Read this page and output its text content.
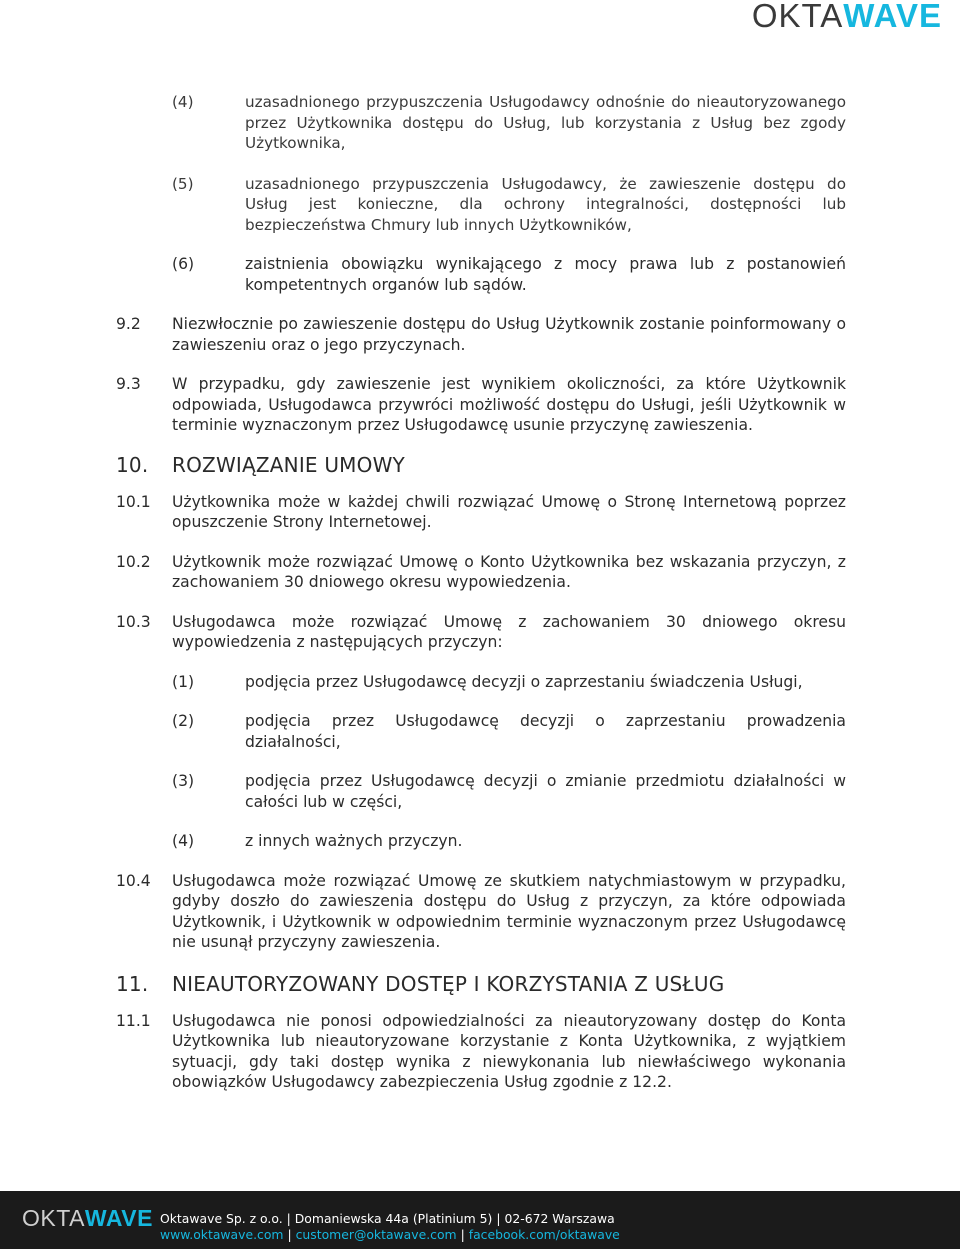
OKTAWAVE
(4)	uzasadnionego przypuszczenia Usługodawcy odnośnie do nieautoryzowanego przez Użytkownika dostępu do Usług, lub korzystania z Usług bez zgody Użytkownika,
(5)	uzasadnionego przypuszczenia Usługodawcy, że zawieszenie dostępu do Usług jest konieczne, dla ochrony integralności, dostępności lub bezpieczeństwa Chmury lub innych Użytkowników,
(6)	zaistnienia obowiązku wynikającego z mocy prawa lub z postanowień kompetentnych organów lub sądów.
9.2	Niezwłocznie po zawieszenie dostępu do Usług Użytkownik zostanie poinformowany o zawieszeniu oraz o jego przyczynach.
9.3	W przypadku, gdy zawieszenie jest wynikiem okoliczności, za które Użytkownik odpowiada, Usługodawca przywróci możliwość dostępu do Usługi, jeśli Użytkownik w terminie wyznaczonym przez Usługodawcę usunie przyczynę zawieszenia.
10.	ROZWIĄZANIE UMOWY
10.1	Użytkownika może w każdej chwili rozwiązać Umowę o Stronę Internetową poprzez opuszczenie Strony Internetowej.
10.2	Użytkownik może rozwiązać Umowę o Konto Użytkownika bez wskazania przyczyn, z zachowaniem 30 dniowego okresu wypowiedzenia.
10.3	Usługodawca może rozwiązać Umowę z zachowaniem 30 dniowego okresu wypowiedzenia z następujących przyczyn:
(1)	podjęcia przez Usługodawcę decyzji o zaprzestaniu świadczenia Usługi,
(2)	podjęcia przez Usługodawcę decyzji o zaprzestaniu prowadzenia działalności,
(3)	podjęcia przez Usługodawcę decyzji o zmianie przedmiotu działalności w całości lub w części,
(4)	z innych ważnych przyczyn.
10.4	Usługodawca może rozwiązać Umowę ze skutkiem natychmiastowym w przypadku, gdyby doszło do zawieszenia dostępu do Usług z przyczyn, za które odpowiada Użytkownik, i Użytkownik w odpowiednim terminie wyznaczonym przez Usługodawcę nie usunął przyczyny zawieszenia.
11.	NIEAUTORYZOWANY DOSTĘP I KORZYSTANIA Z USŁUG
11.1	Usługodawca nie ponosi odpowiedzialności za nieautoryzowany dostęp do Konta Użytkownika lub nieautoryzowane korzystanie z Konta Użytkownika, z wyjątkiem sytuacji, gdy taki dostęp wynika z niewykonania lub niewłaściwego wykonania obowiązków Usługodawcy zabezpieczenia Usług zgodnie z 12.2.
OKTAWAVE Oktawave Sp. z o.o. | Domaniewska 44a (Platinium 5) | 02-672 Warszawa
www.oktawave.com | customer@oktawave.com | facebook.com/oktawave
